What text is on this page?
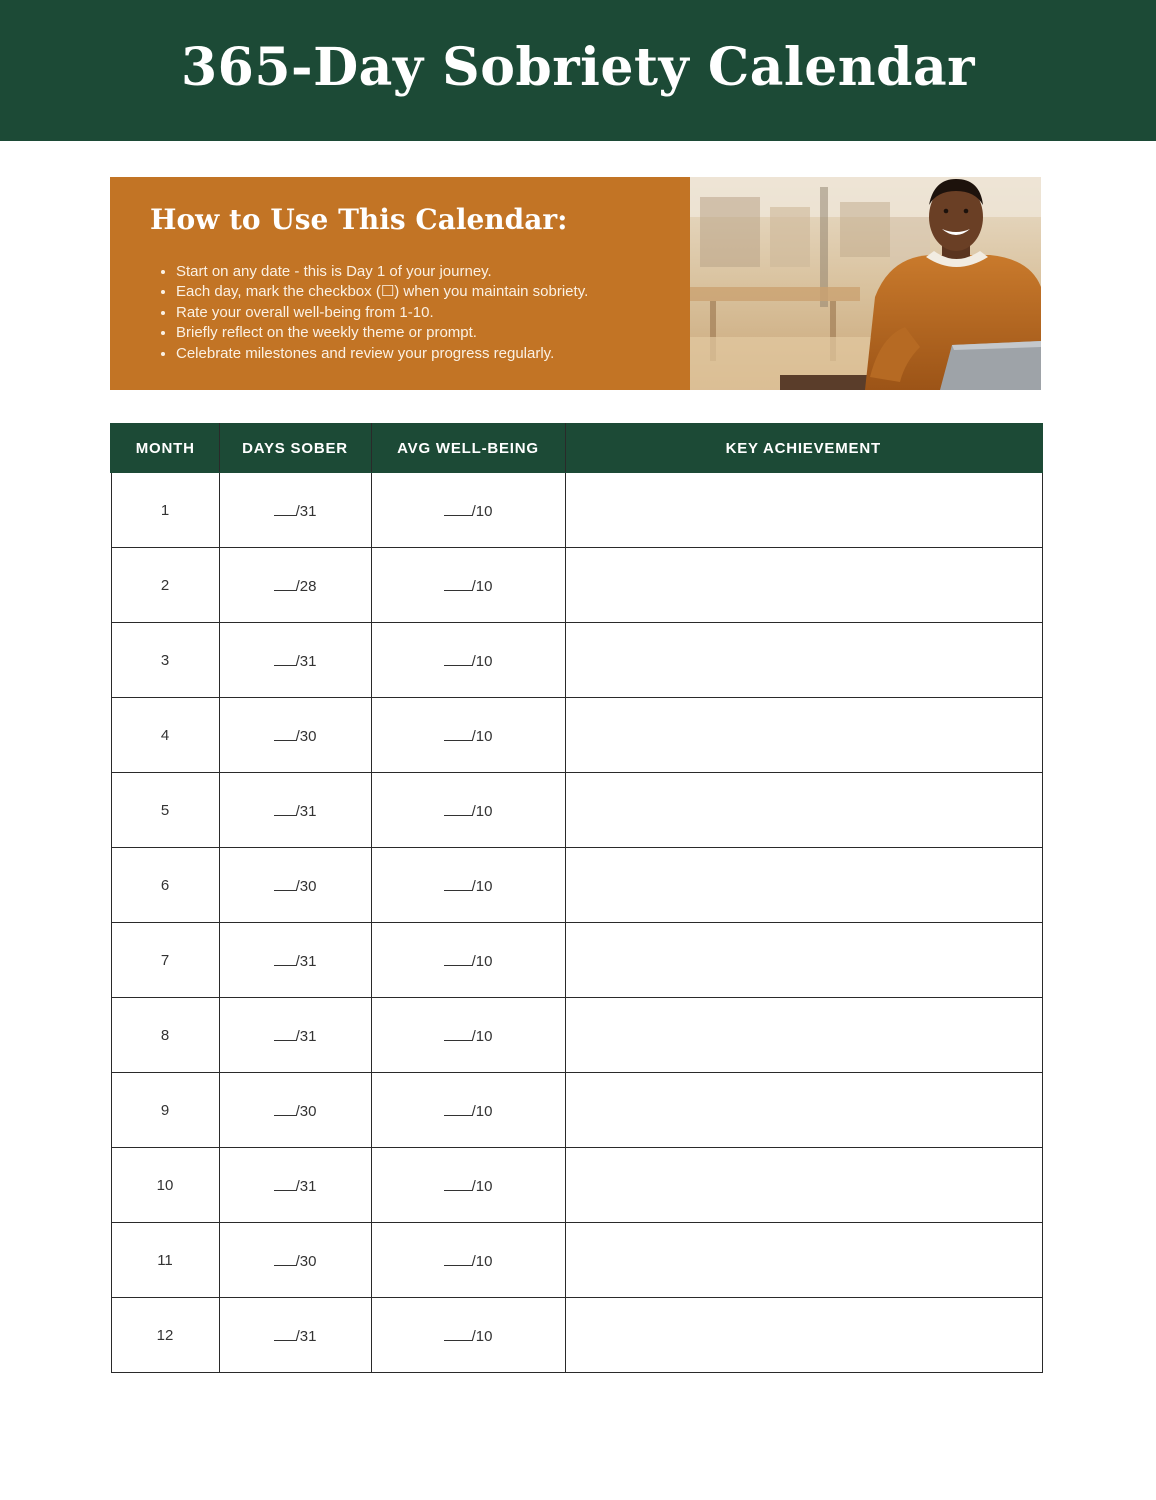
365-Day Sobriety Calendar
How to Use This Calendar:
• Start on any date - this is Day 1 of your journey.
• Each day, mark the checkbox (☐) when you maintain sobriety.
• Rate your overall well-being from 1-10.
• Briefly reflect on the weekly theme or prompt.
• Celebrate milestones and review your progress regularly.
MONTH	DAYS SOBER	AVG WELL-BEING	KEY ACHIEVEMENT
1	/31	/10	
2	/28	/10	
3	/31	/10	
4	/30	/10	
5	/31	/10	
6	/30	/10	
7	/31	/10	
8	/31	/10	
9	/30	/10	
10	/31	/10	
11	/30	/10	
12	/31	/10	
